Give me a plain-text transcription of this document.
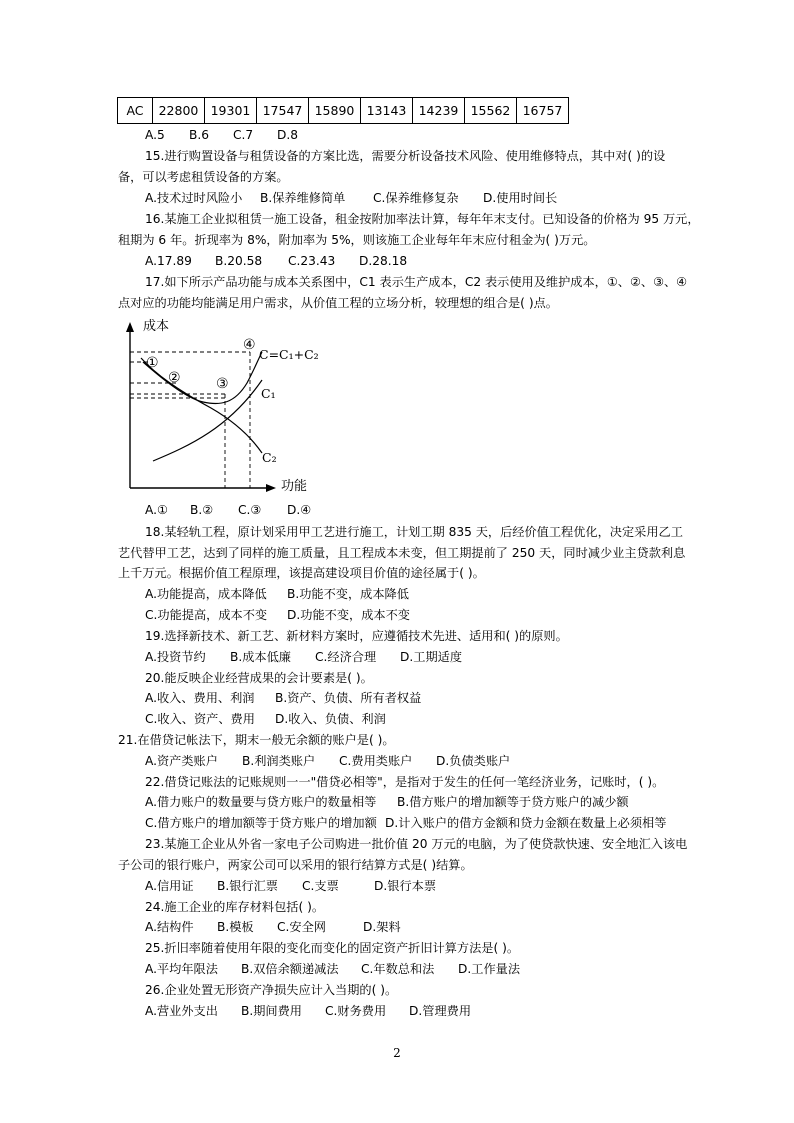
AC	22800	19301	17547	15890	13143	14239	15562	16757
A.5 B.6 C.7 D.8
15.进行购置设备与租赁设备的方案比选，需要分析设备技术风险、使用维修特点，其中对( )的设
备，可以考虑租赁设备的方案。
A.技术过时风险小 B.保养维修简单 C.保养维修复杂 D.使用时间长
16.某施工企业拟租赁一施工设备，租金按附加率法计算，每年年末支付。已知设备的价格为 95 万元，
租期为 6 年。折现率为 8%，附加率为 5%，则该施工企业每年年末应付租金为( )万元。
A.17.89 B.20.58 C.23.43 D.28.18
17.如下所示产品功能与成本关系图中，C1 表示生产成本，C2 表示使用及维护成本，①、②、③、④
点对应的功能均能满足用户需求，从价值工程的立场分析，较理想的组合是( )点。
成本
功能
①
②	③
④
C=C₁+C₂
C₁
C₂
A.① B.② C.③ D.④
18.某轻轨工程，原计划采用甲工艺进行施工，计划工期 835 天，后经价值工程优化，决定采用乙工
艺代替甲工艺，达到了同样的施工质量，且工程成本未变，但工期提前了 250 天，同时减少业主贷款利息
上千万元。根据价值工程原理，该提高建设项目价值的途径属于( )。
A.功能提高，成本降低 B.功能不变，成本降低
C.功能提高，成本不变 D.功能不变，成本不变
19.选择新技术、新工艺、新材料方案时，应遵循技术先进、适用和( )的原则。
A.投资节约 B.成本低廉 C.经济合理 D.工期适度
20.能反映企业经营成果的会计要素是( )。
A.收入、费用、利润 B.资产、负债、所有者权益
C.收入、资产、费用 D.收入、负债、利润
21.在借贷记帐法下，期末一般无余额的账户是( )。
A.资产类账户 B.利润类账户 C.费用类账户 D.负债类账户
22.借贷记账法的记账规则一一"借贷必相等"，是指对于发生的任何一笔经济业务，记账时，( )。
A.借力账户的数量要与贷方账户的数量相等 B.借方账户的增加额等于贷方账户的减少额
C.借方账户的增加额等于贷方账户的增加额 D.计入账户的借方金额和贷力金额在数量上必须相等
23.某施工企业从外省一家电子公司购进一批价值 20 万元的电脑，为了使贷款快速、安全地汇入该电
子公司的银行账户，两家公司可以采用的银行结算方式是( )结算。
A.信用证 B.银行汇票 C.支票	D.银行本票
24.施工企业的库存材料包括( )。
A.结构件 B.模板 C.安全网	D.架料
25.折旧率随着使用年限的变化而变化的固定资产折旧计算方法是( )。
A.平均年限法 B.双倍余额递减法 C.年数总和法 D.工作量法
26.企业处置无形资产净损失应计入当期的( )。
A.营业外支出 B.期间费用 C.财务费用 D.管理费用
2
